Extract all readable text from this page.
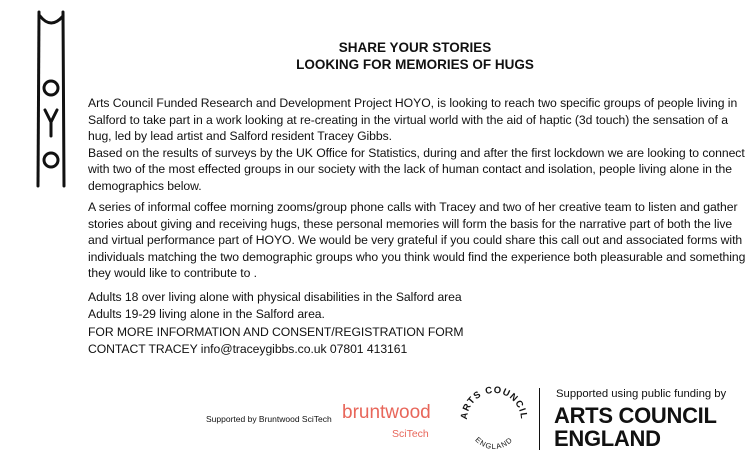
SHARE YOUR STORIES
LOOKING FOR MEMORIES OF HUGS

Arts Council Funded Research and Development Project HOYO, is looking to reach two specific groups of people living in Salford to take part in a work looking at re-creating in the virtual world with the aid of haptic (3d touch) the sensation of a hug, led by lead artist and Salford resident Tracey Gibbs.

Based on the results of surveys by the UK Office for Statistics, during and after the first lockdown we are looking to connect with two of the most effected groups in our society with the lack of human contact and isolation, people living alone in the demographics below.

A series of informal coffee morning zooms/group phone calls with Tracey and two of her creative team to listen and gather stories about giving and receiving hugs, these personal memories will form the basis for the narrative part of both the live and virtual performance part of HOYO. We would be very grateful if you could share this call out and associated forms with individuals matching the two demographic groups who you think would find the experience both pleasurable and something they would like to contribute to .

Adults 18 over living alone with physical disabilities in the Salford area

Adults 19-29 living alone in the Salford area.

FOR MORE INFORMATION AND CONSENT/REGISTRATION FORM

CONTACT TRACEY info@traceygibbs.co.uk 07801 413161

Supported by Bruntwood SciTech bruntwood
SciTech
ARTS COUNCIL
ENGLAND
Supported using public funding by
ARTS COUNCIL
ENGLAND
